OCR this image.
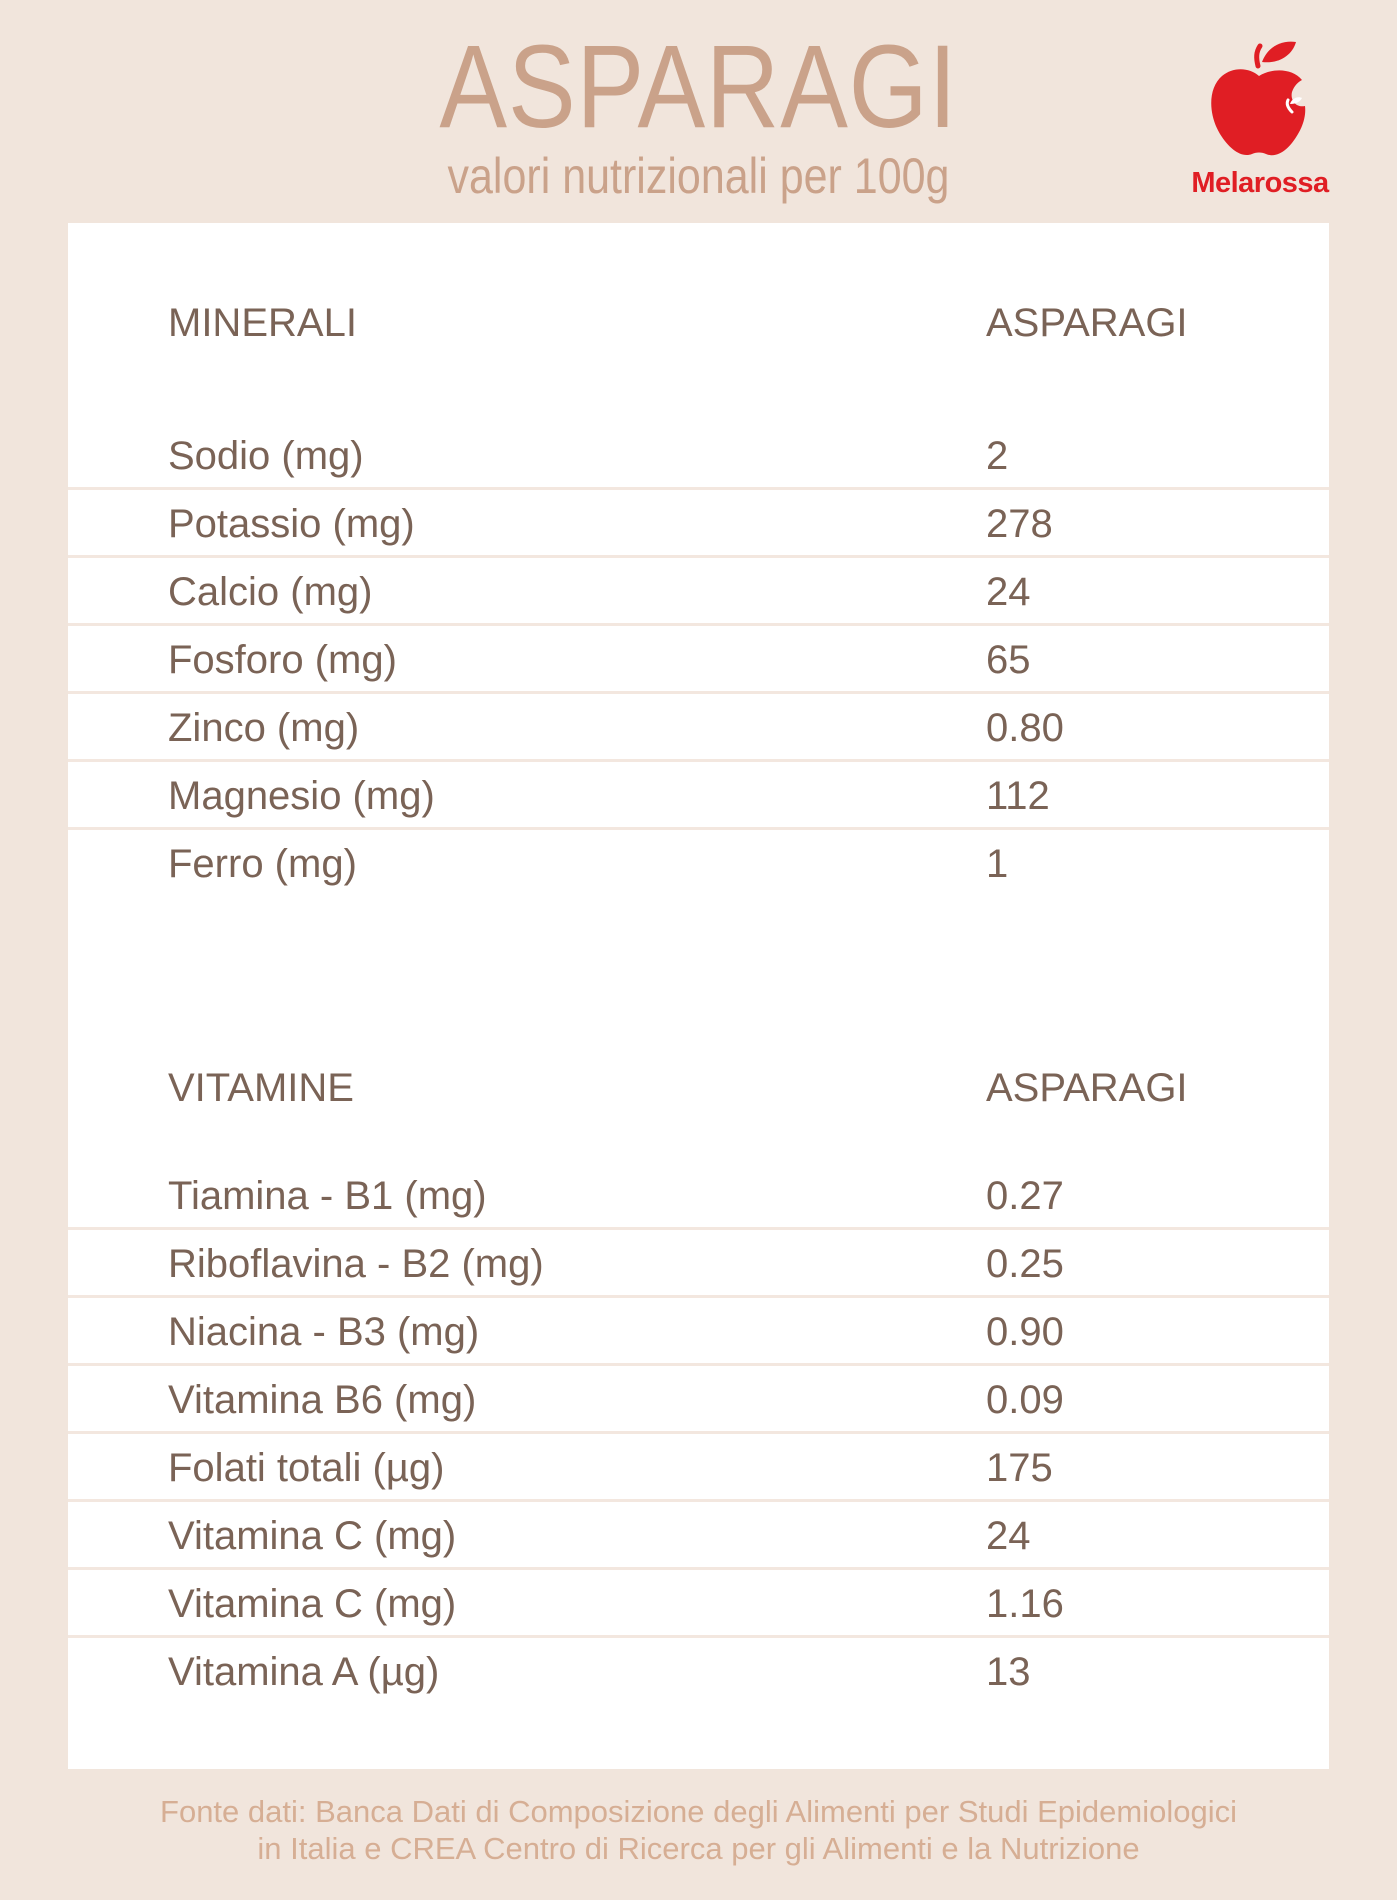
ASPARAGI
valori nutrizionali per 100g	Melarossa
MINERALI	ASPARAGI
Sodio (mg)	2
Potassio (mg)	278
Calcio (mg)	24
Fosforo (mg)	65
Zinco (mg)	0.80
Magnesio (mg)	112
Ferro (mg)	1
VITAMINE	ASPARAGI
Tiamina - B1 (mg)	0.27
Riboflavina - B2 (mg)	0.25
Niacina - B3 (mg)	0.90
Vitamina B6 (mg)	0.09
Folati totali (µg)	175
Vitamina C (mg)	24
Vitamina C (mg)	1.16
Vitamina A (µg)	13
Fonte dati: Banca Dati di Composizione degli Alimenti per Studi Epidemiologici
in Italia e CREA Centro di Ricerca per gli Alimenti e la Nutrizione
